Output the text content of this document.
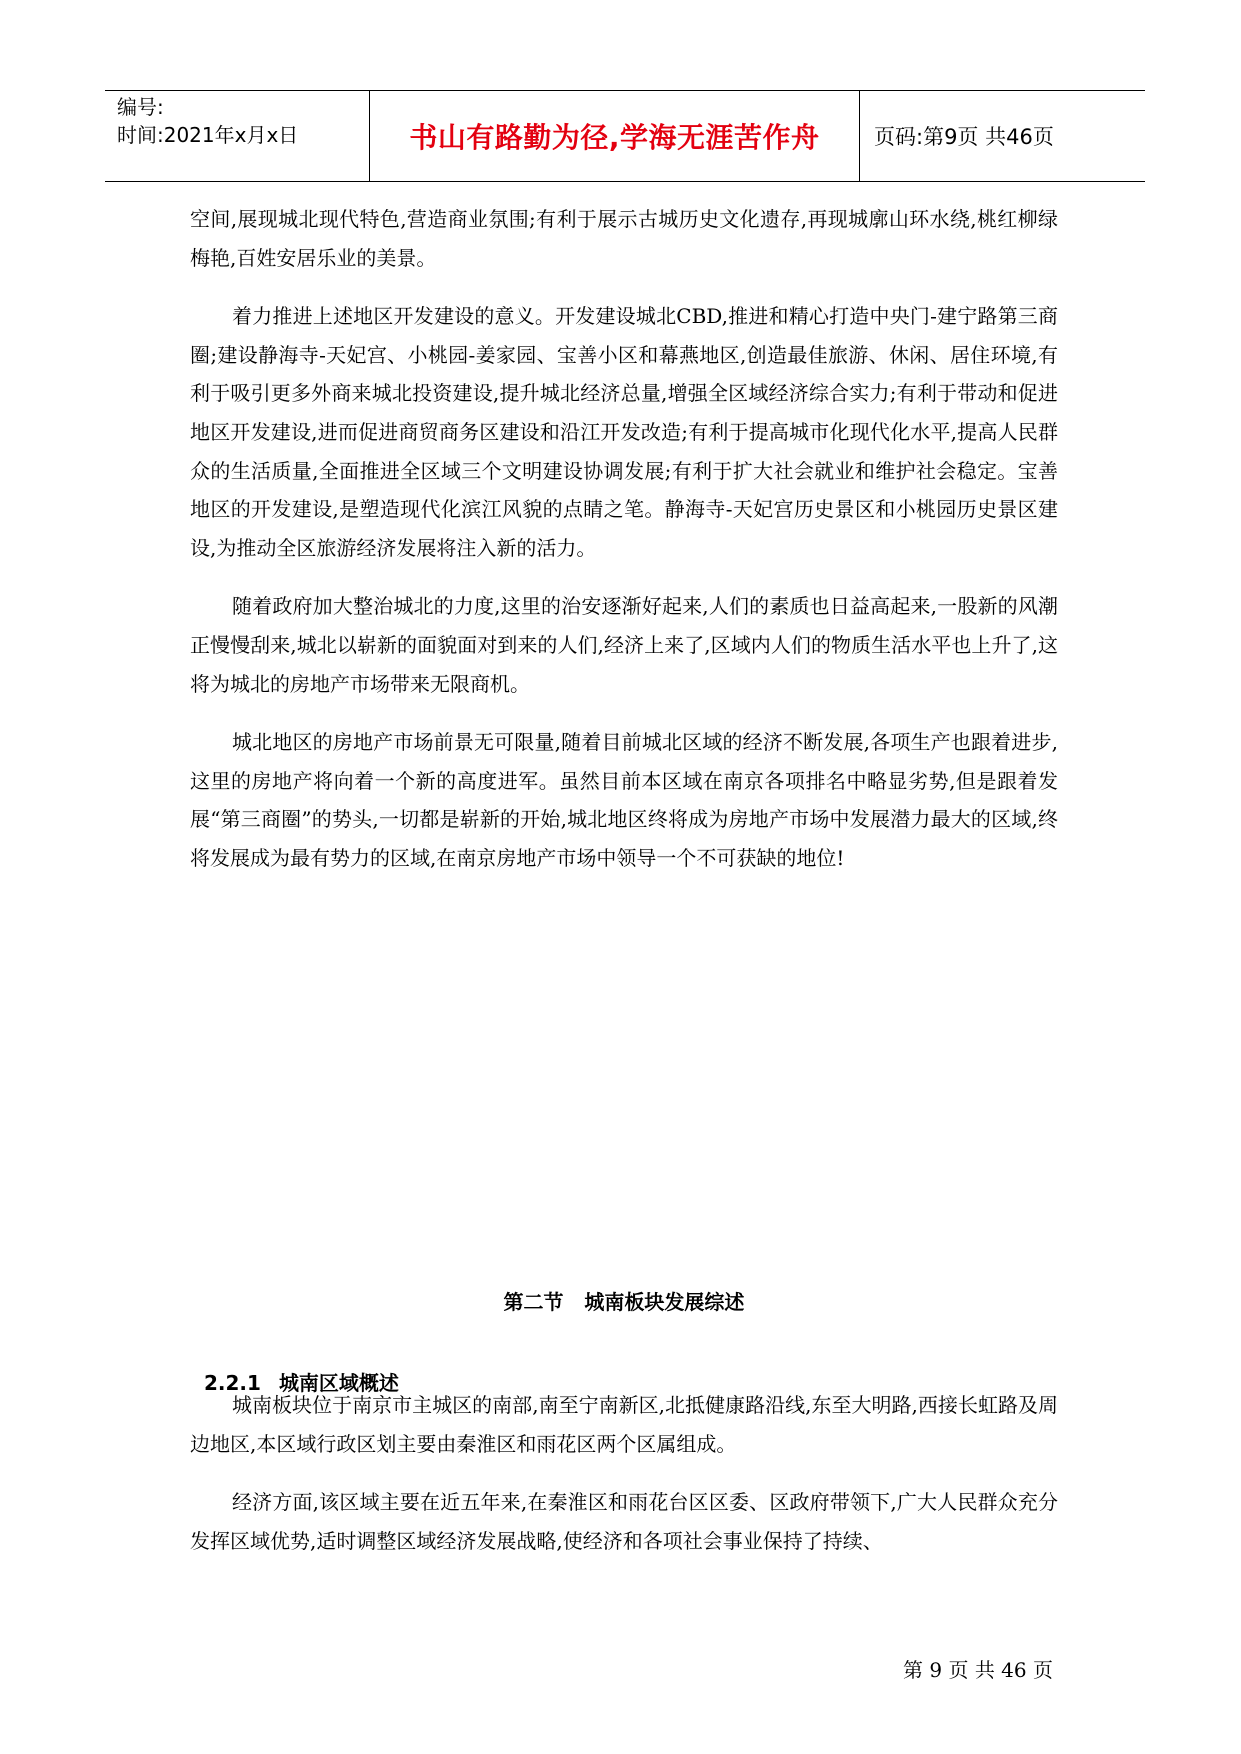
编号:
时间:2021年x月x日	书山有路勤为径,学海无涯苦作舟	页码:第9页 共46页

空间,展现城北现代特色,营造商业氛围;有利于展示古城历史文化遗存,再现城廓山环水绕,桃红柳绿梅艳,百姓安居乐业的美景。

着力推进上述地区开发建设的意义。开发建设城北CBD,推进和精心打造中央门-建宁路第三商圈;建设静海寺-天妃宫、小桃园-姜家园、宝善小区和幕燕地区,创造最佳旅游、休闲、居住环境,有利于吸引更多外商来城北投资建设,提升城北经济总量,增强全区域经济综合实力;有利于带动和促进地区开发建设,进而促进商贸商务区建设和沿江开发改造;有利于提高城市化现代化水平,提高人民群众的生活质量,全面推进全区域三个文明建设协调发展;有利于扩大社会就业和维护社会稳定。宝善地区的开发建设,是塑造现代化滨江风貌的点睛之笔。静海寺-天妃宫历史景区和小桃园历史景区建设,为推动全区旅游经济发展将注入新的活力。

随着政府加大整治城北的力度,这里的治安逐渐好起来,人们的素质也日益高起来,一股新的风潮正慢慢刮来,城北以崭新的面貌面对到来的人们,经济上来了,区域内人们的物质生活水平也上升了,这将为城北的房地产市场带来无限商机。

城北地区的房地产市场前景无可限量,随着目前城北区域的经济不断发展,各项生产也跟着进步,这里的房地产将向着一个新的高度进军。虽然目前本区域在南京各项排名中略显劣势,但是跟着发展“第三商圈”的势头,一切都是崭新的开始,城北地区终将成为房地产市场中发展潜力最大的区域,终将发展成为最有势力的区域,在南京房地产市场中领导一个不可获缺的地位!

第二节   城南板块发展综述

2.2.1 城南区域概述

城南板块位于南京市主城区的南部,南至宁南新区,北抵健康路沿线,东至大明路,西接长虹路及周边地区,本区域行政区划主要由秦淮区和雨花区两个区属组成。

经济方面,该区域主要在近五年来,在秦淮区和雨花台区区委、区政府带领下,广大人民群众充分发挥区域优势,适时调整区域经济发展战略,使经济和各项社会事业保持了持续、

第 9 页 共 46 页
